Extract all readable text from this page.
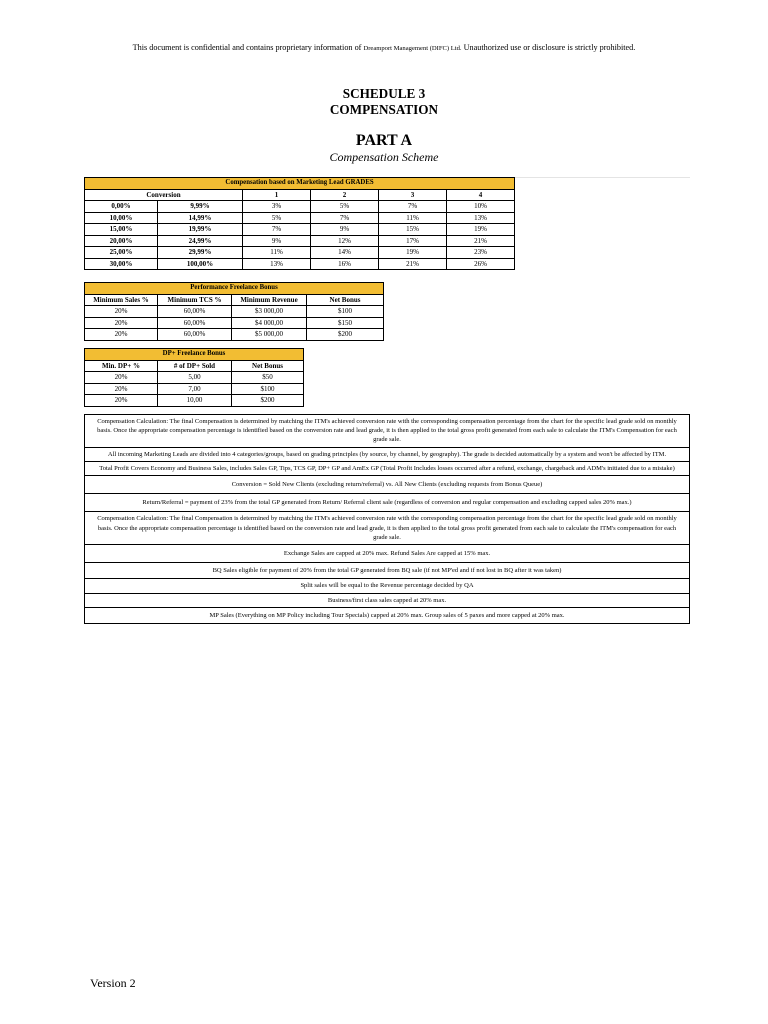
This document is confidential and contains proprietary information of Dreamport Management (DIFC) Ltd. Unauthorized use or disclosure is strictly prohibited.
SCHEDULE 3
COMPENSATION
PART A
Compensation Scheme
Compensation based on Marketing Lead GRADES					
Conversion		1	2	3	4
0,00%	9,99%	3%	5%	7%	10%
10,00%	14,99%	5%	7%	11%	13%
15,00%	19,99%	7%	9%	15%	19%
20,00%	24,99%	9%	12%	17%	21%
25,00%	29,99%	11%	14%	19%	23%
30,00%	100,00%	13%	16%	21%	26%
Performance Freelance Bonus			
Minimum Sales %	Minimum TCS %	Minimum Revenue	Net Bonus
20%	60,00%	$3 000,00	$100
20%	60,00%	$4 000,00	$150
20%	60,00%	$5 000,00	$200
DP+ Freelance Bonus		
Min. DP+ %	# of DP+ Sold	Net Bonus
20%	5,00	$50
20%	7,00	$100
20%	10,00	$200
Compensation Calculation: The final Compensation is determined by matching the ITM's achieved conversion rate with the corresponding compensation percentage from the chart for the specific lead grade sold on monthly basis. Once the appropriate compensation percentage is identified based on the conversion rate and lead grade, it is then applied to the total gross profit generated from each sale to calculate the ITM's Compensation for each grade sale.
All incoming Marketing Leads are divided into 4 categories/groups, based on grading principles (by source, by channel, by geography). The grade is decided automatically by a system and won't be affected by ITM.
Total Profit Covers Economy and Business Sales, includes Sales GP, Tips, TCS GP, DP+ GP and AmEx GP (Total Profit Includes losses occurred after a refund, exchange, chargeback and ADM's initiated due to a mistake)
Conversion = Sold New Clients (excluding return/referral) vs. All New Clients (excluding requests from Bonus Queue)
Return/Referral = payment of 23% from the total GP generated from Return/ Referral client sale (regardless of conversion and regular compensation and excluding capped sales 20% max.)
Compensation Calculation: The final Compensation is determined by matching the ITM's achieved conversion rate with the corresponding compensation percentage from the chart for the specific lead grade sold on monthly basis. Once the appropriate compensation percentage is identified based on the conversion rate and lead grade, it is then applied to the total gross profit generated from each sale to calculate the ITM's compensation for each grade sale.
Exchange Sales are capped at 20% max. Refund Sales Are capped at 15% max.
BQ Sales eligible for payment of 20% from the total GP generated from BQ sale (if not MP'ed and if not lost in BQ after it was taken)
Split sales will be equal to the Revenue percentage decided by QA
Business/first class sales capped at 20% max.
MP Sales (Everything on MP Policy including Tour Specials) capped at 20% max. Group sales of 5 paxes and more capped at 20% max.
Version 2
